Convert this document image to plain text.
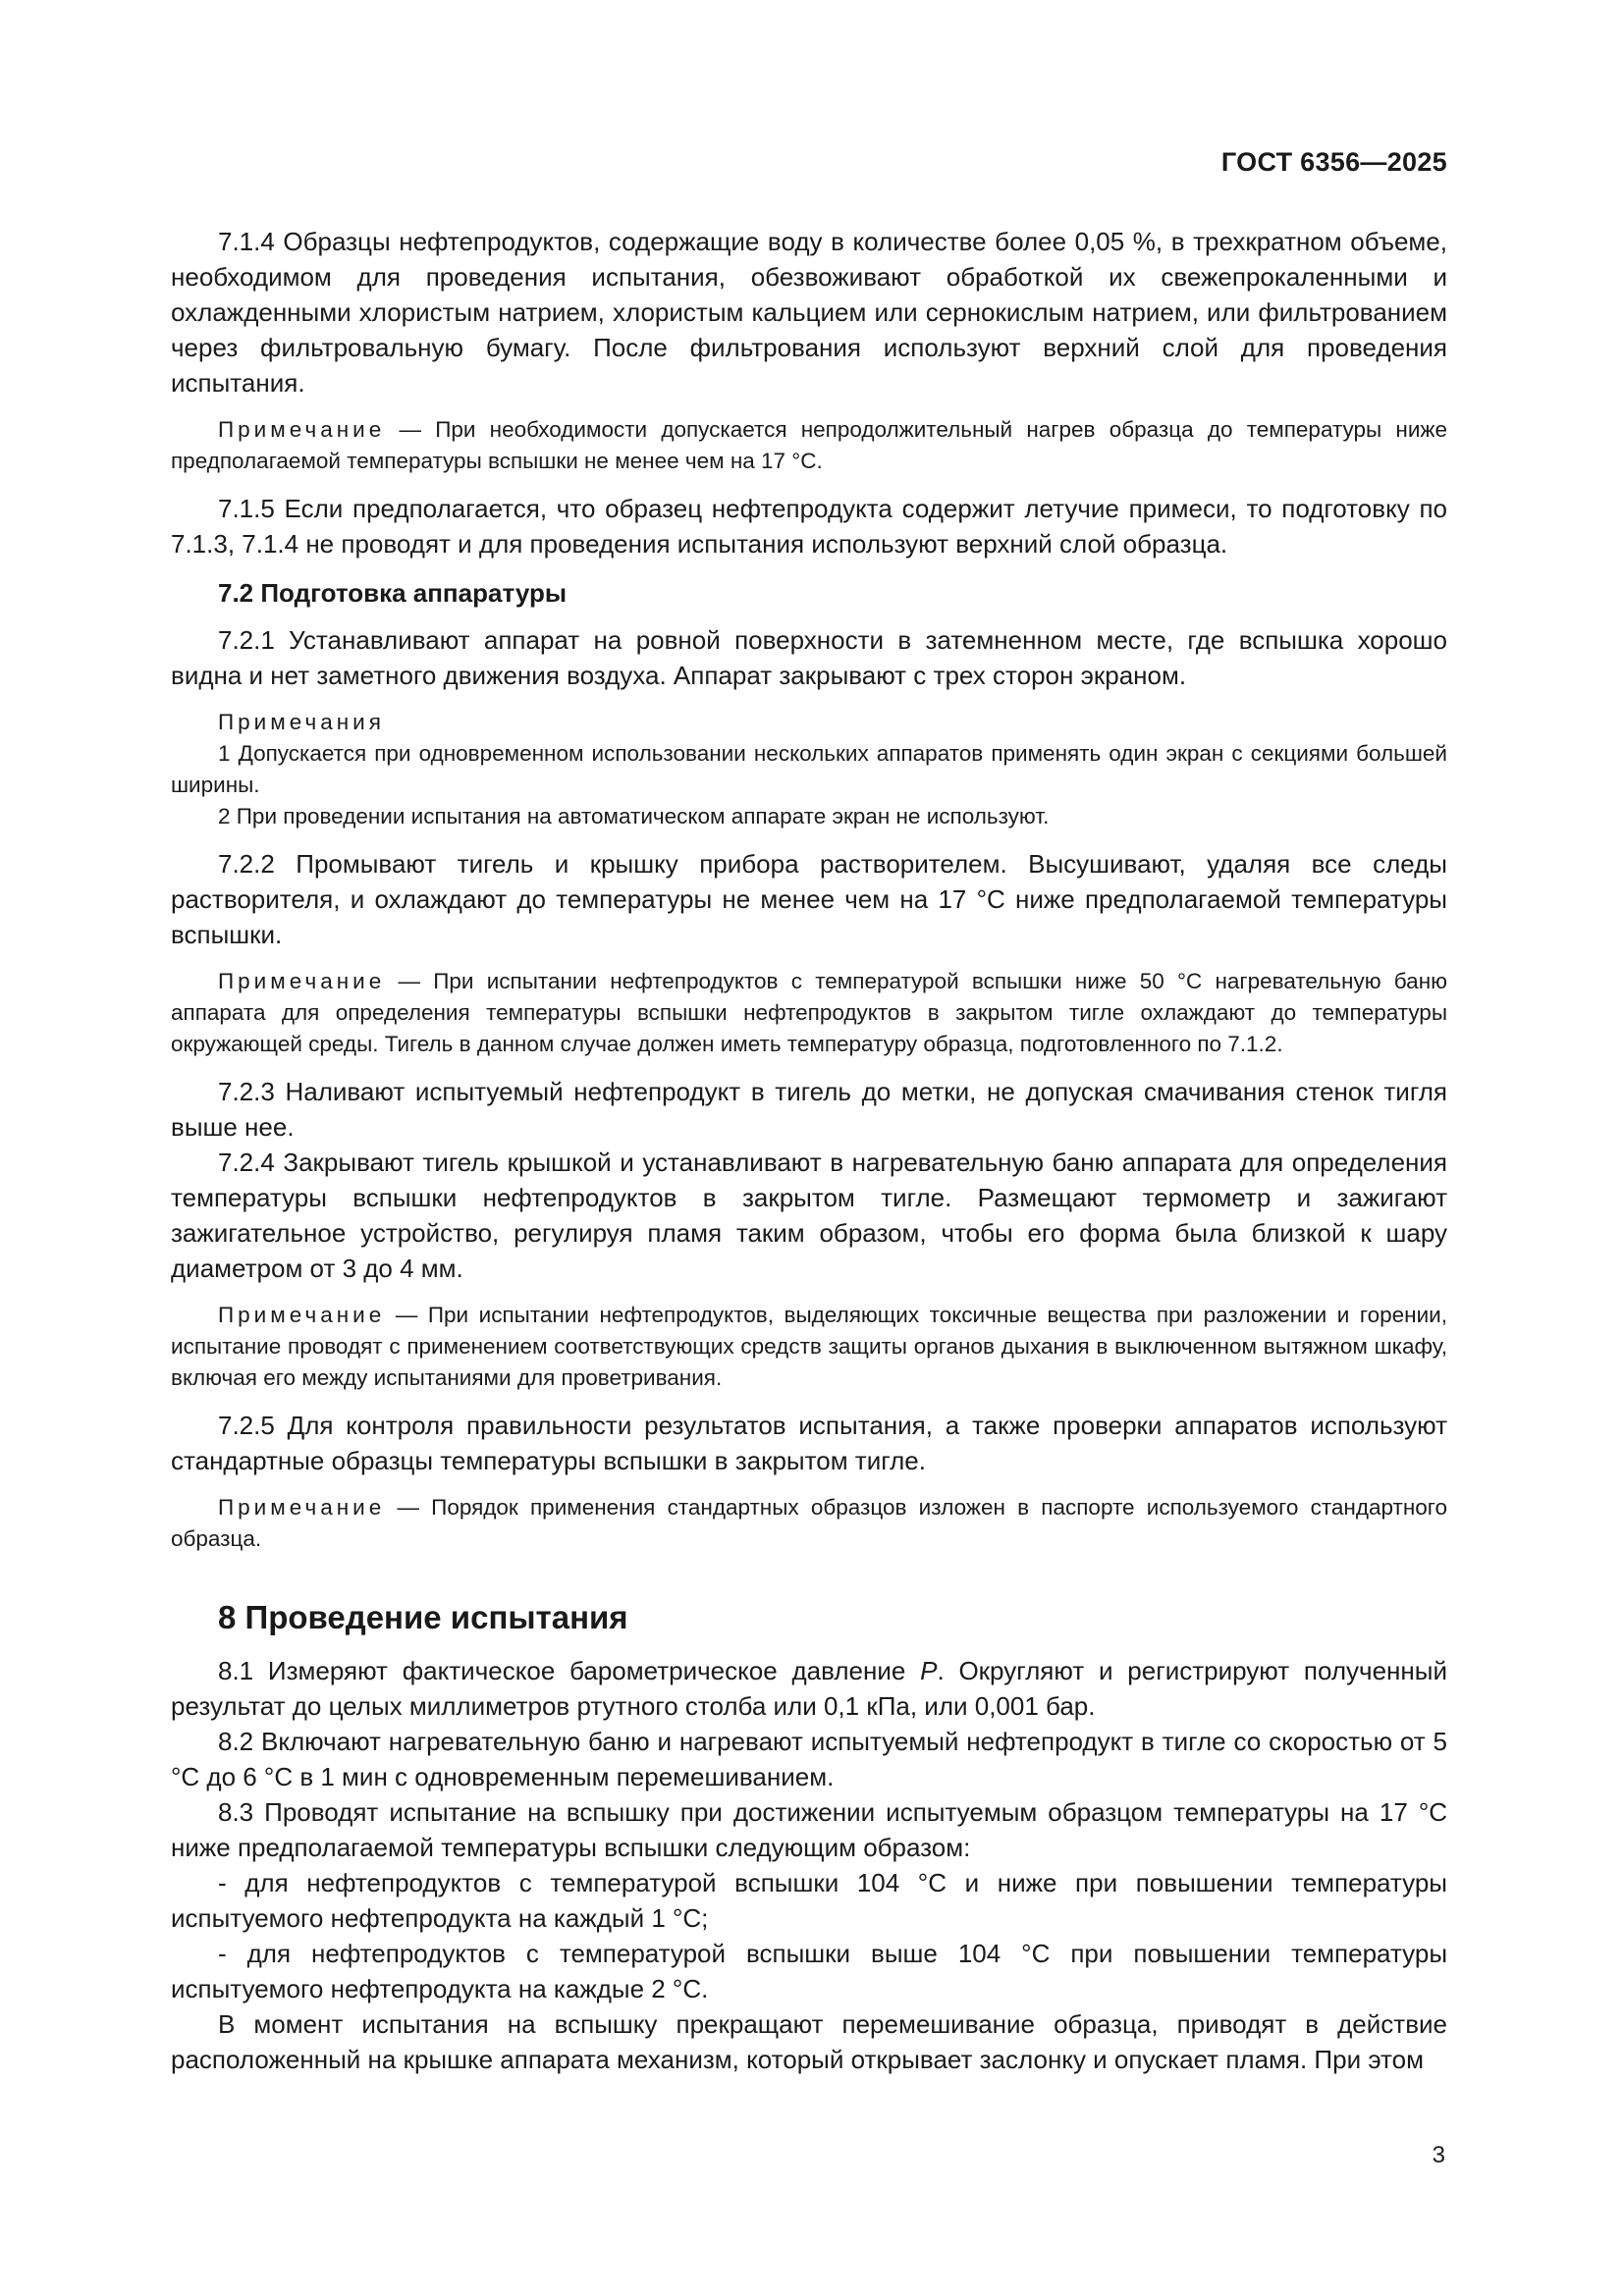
ГОСТ 6356—2025

7.1.4 Образцы нефтепродуктов, содержащие воду в количестве более 0,05 %, в трехкратном объеме, необходимом для проведения испытания, обезвоживают обработкой их свежепрокаленными и охлажденными хлористым натрием, хлористым кальцием или сернокислым натрием, или фильтрованием через фильтровальную бумагу. После фильтрования используют верхний слой для проведения испытания.

Примечание — При необходимости допускается непродолжительный нагрев образца до температуры ниже предполагаемой температуры вспышки не менее чем на 17 °С.

7.1.5 Если предполагается, что образец нефтепродукта содержит летучие примеси, то подготовку по 7.1.3, 7.1.4 не проводят и для проведения испытания используют верхний слой образца.

7.2 Подготовка аппаратуры

7.2.1 Устанавливают аппарат на ровной поверхности в затемненном месте, где вспышка хорошо видна и нет заметного движения воздуха. Аппарат закрывают с трех сторон экраном.

Примечания

1 Допускается при одновременном использовании нескольких аппаратов применять один экран с секциями большей ширины.

2 При проведении испытания на автоматическом аппарате экран не используют.

7.2.2 Промывают тигель и крышку прибора растворителем. Высушивают, удаляя все следы растворителя, и охлаждают до температуры не менее чем на 17 °С ниже предполагаемой температуры вспышки.

Примечание — При испытании нефтепродуктов с температурой вспышки ниже 50 °С нагревательную баню аппарата для определения температуры вспышки нефтепродуктов в закрытом тигле охлаждают до температуры окружающей среды. Тигель в данном случае должен иметь температуру образца, подготовленного по 7.1.2.

7.2.3 Наливают испытуемый нефтепродукт в тигель до метки, не допуская смачивания стенок тигля выше нее.

7.2.4 Закрывают тигель крышкой и устанавливают в нагревательную баню аппарата для определения температуры вспышки нефтепродуктов в закрытом тигле. Размещают термометр и зажигают зажигательное устройство, регулируя пламя таким образом, чтобы его форма была близкой к шару диаметром от 3 до 4 мм.

Примечание — При испытании нефтепродуктов, выделяющих токсичные вещества при разложении и горении, испытание проводят с применением соответствующих средств защиты органов дыхания в выключенном вытяжном шкафу, включая его между испытаниями для проветривания.

7.2.5 Для контроля правильности результатов испытания, а также проверки аппаратов используют стандартные образцы температуры вспышки в закрытом тигле.

Примечание — Порядок применения стандартных образцов изложен в паспорте используемого стандартного образца.

8 Проведение испытания

8.1 Измеряют фактическое барометрическое давление P. Округляют и регистрируют полученный результат до целых миллиметров ртутного столба или 0,1 кПа, или 0,001 бар.

8.2 Включают нагревательную баню и нагревают испытуемый нефтепродукт в тигле со скоростью от 5 °С до 6 °С в 1 мин с одновременным перемешиванием.

8.3 Проводят испытание на вспышку при достижении испытуемым образцом температуры на 17 °С ниже предполагаемой температуры вспышки следующим образом:

- для нефтепродуктов с температурой вспышки 104 °С и ниже при повышении температуры испытуемого нефтепродукта на каждый 1 °С;

- для нефтепродуктов с температурой вспышки выше 104 °С при повышении температуры испытуемого нефтепродукта на каждые 2 °С.

В момент испытания на вспышку прекращают перемешивание образца, приводят в действие расположенный на крышке аппарата механизм, который открывает заслонку и опускает пламя. При этом

3
